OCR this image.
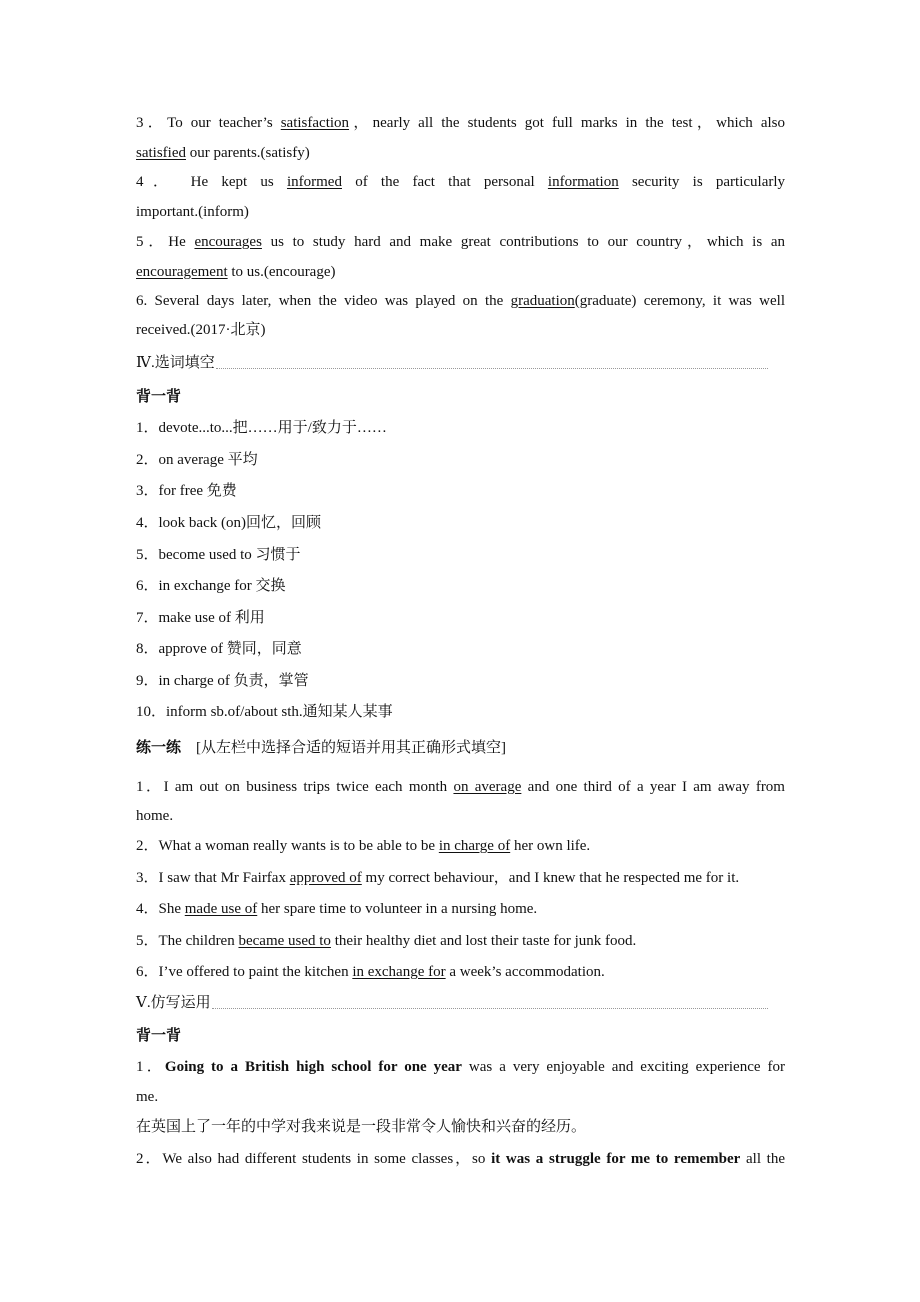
3．To our teacher’s satisfaction，nearly all the students got full marks in the test，which also
satisfied our parents.(satisfy)
4． He kept us informed of the fact that personal information security is particularly
important.(inform)
5．He encourages us to study hard and make great contributions to our country，which is an
encouragement to us.(encourage)
6. Several days later, when the video was played on the graduation(graduate) ceremony, it was well
received.(2017·北京)
Ⅳ.选词填空
背一背
1．devote...to...把……用于/致力于……
2．on average 平均
3．for free 免费
4．look back (on)回忆，回顾
5．become used to 习惯于
6．in exchange for 交换
7．make use of 利用
8．approve of 赞同，同意
9．in charge of 负责，掌管
10．inform sb.of/about sth.通知某人某事
练一练　[从左栏中选择合适的短语并用其正确形式填空]
1．I am out on business trips twice each month on average and one third of a year I am away from
home.
2．What a woman really wants is to be able to be in charge of her own life.
3．I saw that Mr Fairfax approved of my correct behaviour，and I knew that he respected me for it.
4．She made use of her spare time to volunteer in a nursing home.
5．The children became used to their healthy diet and lost their taste for junk food.
6．I’ve offered to paint the kitchen in exchange for a week’s accommodation.
Ⅴ.仿写运用
背一背
1．Going to a British high school for one year was a very enjoyable and exciting experience for
me.
在英国上了一年的中学对我来说是一段非常令人愉快和兴奋的经历。
2．We also had different students in some classes，so it was a struggle for me to remember all the
